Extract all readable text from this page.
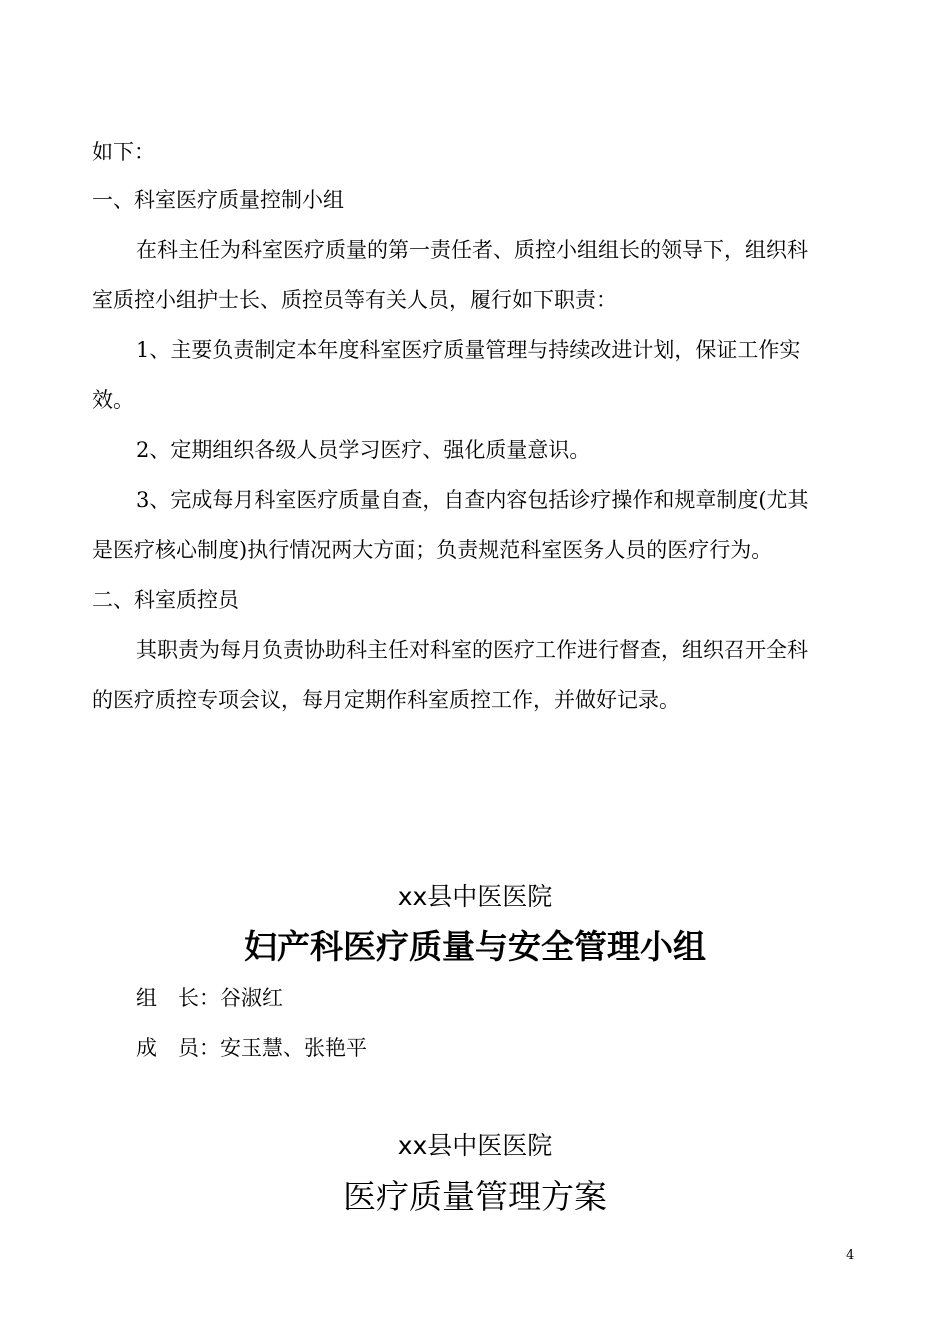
如下：
一、科室医疗质量控制小组
在科主任为科室医疗质量的第一责任者、质控小组组长的领导下，组织科
室质控小组护士长、质控员等有关人员，履行如下职责：
1、主要负责制定本年度科室医疗质量管理与持续改进计划，保证工作实
效。
2、定期组织各级人员学习医疗、强化质量意识。
3、完成每月科室医疗质量自查，自查内容包括诊疗操作和规章制度(尤其
是医疗核心制度)执行情况两大方面；负责规范科室医务人员的医疗行为。
二、科室质控员
其职责为每月负责协助科主任对科室的医疗工作进行督查，组织召开全科
的医疗质控专项会议，每月定期作科室质控工作，并做好记录。
xx县中医医院
妇产科医疗质量与安全管理小组
组　长：谷淑红
成　员：安玉慧、张艳平
xx县中医医院
医疗质量管理方案
4
